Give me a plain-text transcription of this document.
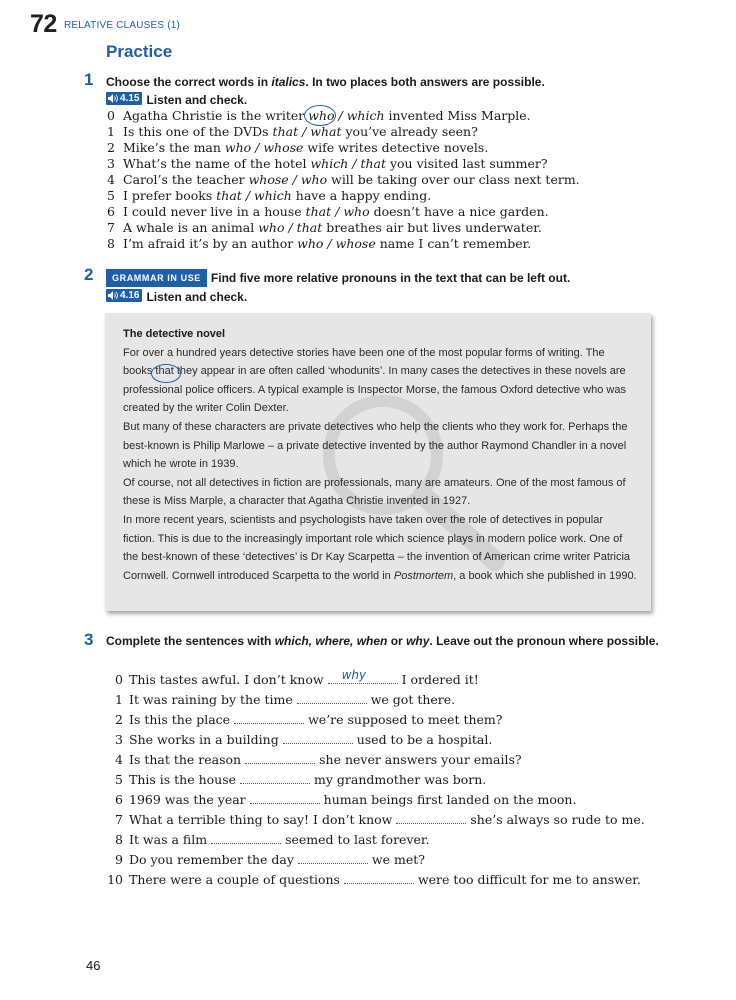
72 RELATIVE CLAUSES (1)
Practice
1 Choose the correct words in italics. In two places both answers are possible.
4.15 Listen and check.
0 Agatha Christie is the writer
who / which invented Miss Marple.
1 Is this one of the DVDs that / what you’ve already seen?
2 Mike’s the man who / whose wife writes detective novels.
3 What’s the name of the hotel which / that you visited last summer?
4 Carol’s the teacher whose / who will be taking over our class next term.
5 I prefer books that / which have a happy ending.
6 I could never live in a house that / who doesn’t have a nice garden.
7 A whale is an animal who / that breathes air but lives underwater.
8 I’m afraid it’s by an author who / whose name I can’t remember.
2	GRAMMAR IN USE Find five more relative pronouns in the text that can be left out.
4.16 Listen and check.
The detective novel
For over a hundred years detective stories have been one of the most popular forms of writing. The books
that they appear in are often called ‘whodunits’. In many cases the detectives in these novels are professional police officers. A typical example is Inspector Morse, the famous Oxford detective who was created by the writer Colin Dexter.
But many of these characters are private detectives who help the clients who they work for. Perhaps the best-known is Philip Marlowe – a private detective invented by the author Raymond Chandler in a novel which he wrote in 1939.
Of course, not all detectives in fiction are professionals, many are amateurs. One of the most famous of these is Miss Marple, a character that Agatha Christie invented in 1927.
In more recent years, scientists and psychologists have taken over the role of detectives in popular fiction. This is due to the increasingly important role which science plays in modern police work. One of the best-known of these ‘detectives’ is Dr Kay Scarpetta – the invention of American crime writer Patricia Cornwell. Cornwell introduced Scarpetta to the world in Postmortem, a book which she published in 1990.
3 Complete the sentences with which, where, when or why. Leave out the pronoun where possible.
0 This tastes awful. I don’t know why	I ordered it!
1 It was raining by the time	we got there.
2 Is this the place	we’re supposed to meet them?
3 She works in a building	used to be a hospital.
4 Is that the reason	she never answers your emails?
5 This is the house	my grandmother was born.
6 1969 was the year	human beings first landed on the moon.
7 What a terrible thing to say! I don’t know	she’s always so rude to me.
8 It was a film	seemed to last forever.
9 Do you remember the day	we met?
10 There were a couple of questions	were too difficult for me to answer.
46
